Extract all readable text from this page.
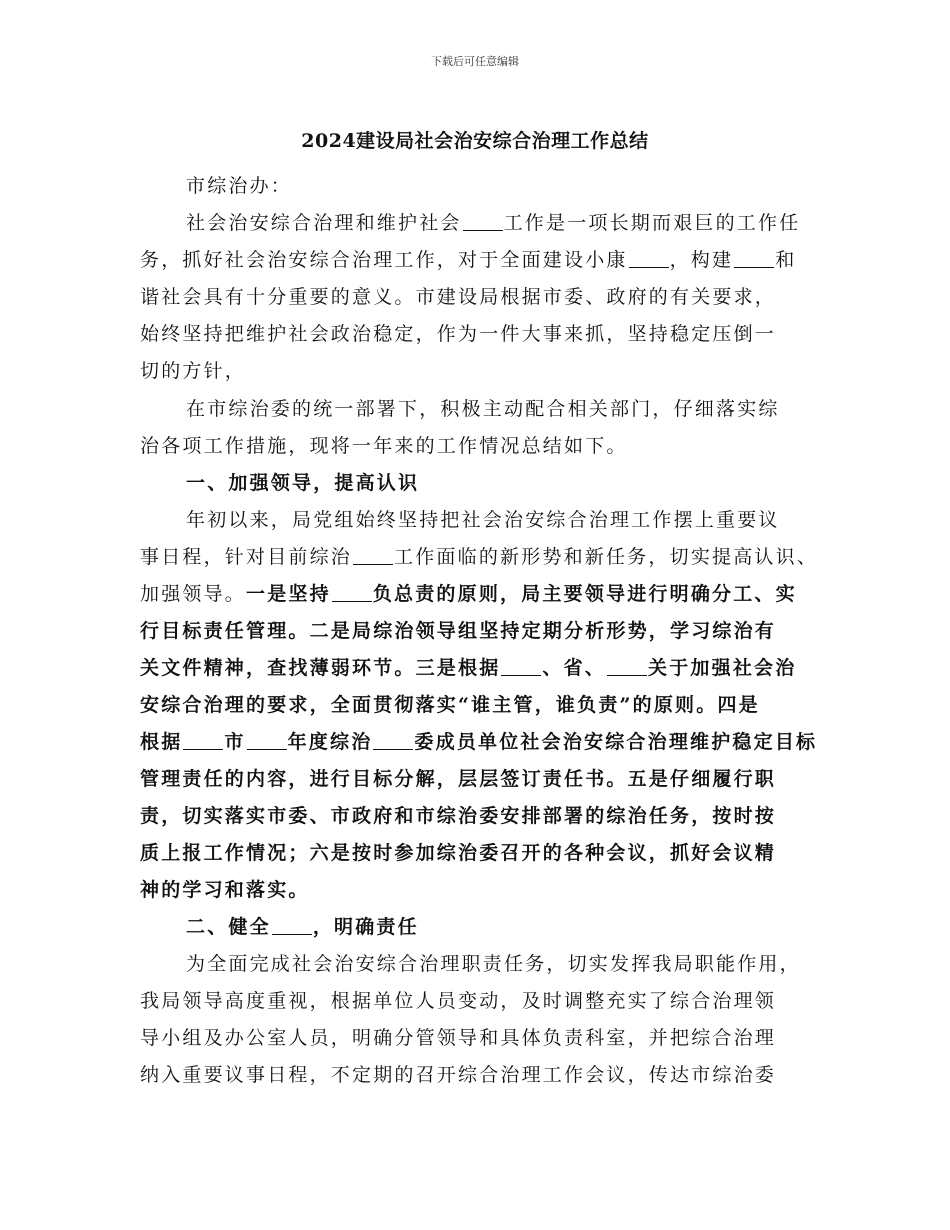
下载后可任意编辑
2024建设局社会治安综合治理工作总结
市综治办：
社会治安综合治理和维护社会 工作是一项长期而艰巨的工作任
务，抓好社会治安综合治理工作，对于全面建设小康 ，构建 和
谐社会具有十分重要的意义。市建设局根据市委、政府的有关要求，
始终坚持把维护社会政治稳定，作为一件大事来抓，坚持稳定压倒一
切的方针，
在市综治委的统一部署下，积极主动配合相关部门，仔细落实综
治各项工作措施，现将一年来的工作情况总结如下。
一、加强领导，提高认识
年初以来，局党组始终坚持把社会治安综合治理工作摆上重要议
事日程，针对目前综治 工作面临的新形势和新任务，切实提高认识、
加强领导。一是坚持 负总责的原则，局主要领导进行明确分工、实
行目标责任管理。二是局综治领导组坚持定期分析形势，学习综治有
关文件精神，查找薄弱环节。三是根据 、省、 关于加强社会治
安综合治理的要求，全面贯彻落实“谁主管，谁负责”的原则。四是
根据 市 年度综治 委成员单位社会治安综合治理维护稳定目标
管理责任的内容，进行目标分解，层层签订责任书。五是仔细履行职
责，切实落实市委、市政府和市综治委安排部署的综治任务，按时按
质上报工作情况；六是按时参加综治委召开的各种会议，抓好会议精
神的学习和落实。
二、健全 ，明确责任
为全面完成社会治安综合治理职责任务，切实发挥我局职能作用，
我局领导高度重视，根据单位人员变动，及时调整充实了综合治理领
导小组及办公室人员，明确分管领导和具体负责科室，并把综合治理
纳入重要议事日程，不定期的召开综合治理工作会议，传达市综治委
